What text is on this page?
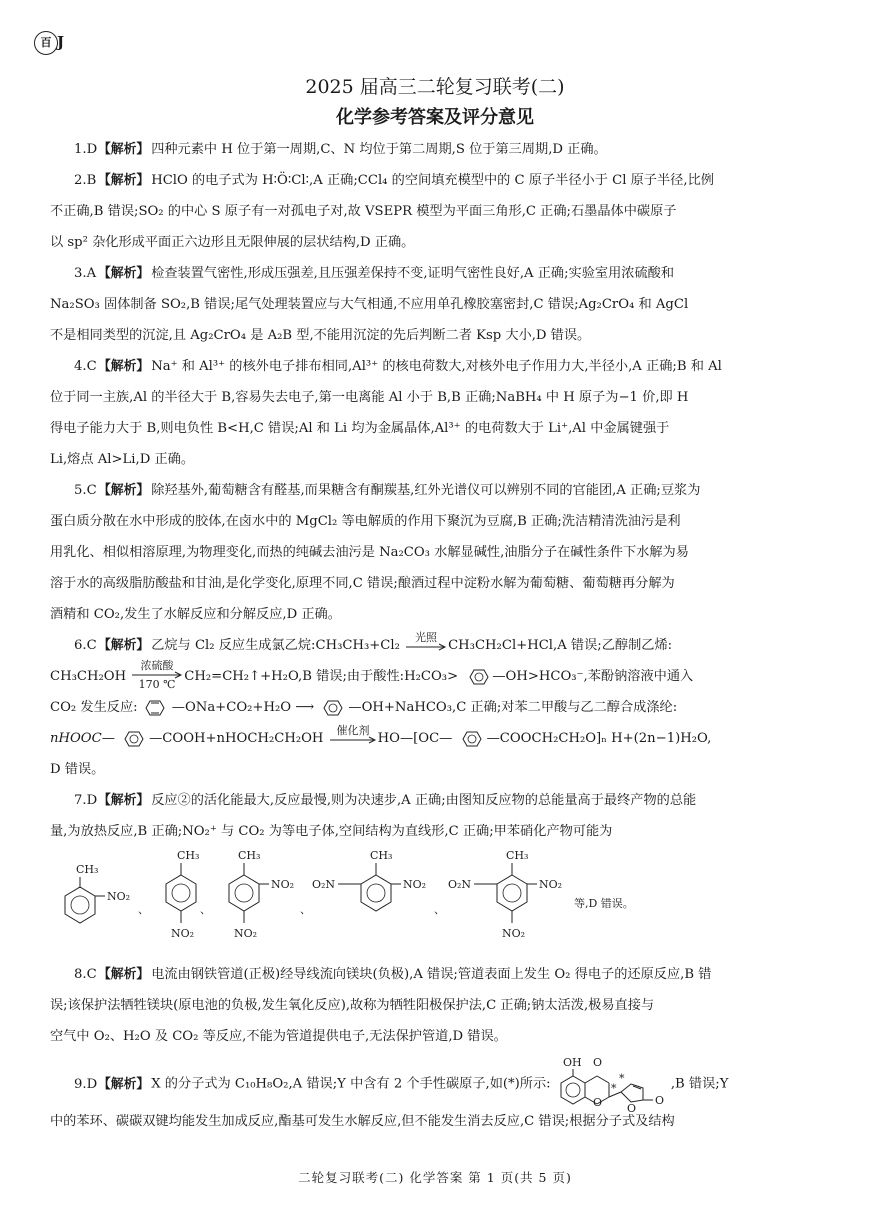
百 J
2025 届高三二轮复习联考(二)
化学参考答案及评分意见
1.D【解析】 四种元素中 H 位于第一周期,C、N 均位于第二周期,S 位于第三周期,D 正确。
2.B 【解析】 HClO 的电子式为 H∶Ö∶Cl∶,A 正确;CCl₄ 的空间填充模型中的 C 原子半径小于 Cl 原子半径,比例
不正确,B 错误;SO₂ 的中心 S 原子有一对孤电子对,故 VSEPR 模型为平面三角形,C 正确;石墨晶体中碳原子
以 sp² 杂化形成平面正六边形且无限伸展的层状结构,D 正确。
3.A 【解析】 检查装置气密性,形成压强差,且压强差保持不变,证明气密性良好,A 正确;实验室用浓硫酸和
Na₂SO₃ 固体制备 SO₂,B 错误;尾气处理装置应与大气相通,不应用单孔橡胶塞密封,C 错误;Ag₂CrO₄ 和 AgCl
不是相同类型的沉淀,且 Ag₂CrO₄ 是 A₂B 型,不能用沉淀的先后判断二者 Ksp 大小,D 错误。
4.C【解析】 Na⁺ 和 Al³⁺ 的核外电子排布相同,Al³⁺ 的核电荷数大,对核外电子作用力大,半径小,A 正确;B 和 Al
位于同一主族,Al 的半径大于 B,容易失去电子,第一电离能 Al 小于 B,B 正确;NaBH₄ 中 H 原子为−1 价,即 H
得电子能力大于 B,则电负性 B<H,C 错误;Al 和 Li 均为金属晶体,Al³⁺ 的电荷数大于 Li⁺,Al 中金属键强于
Li,熔点 Al>Li,D 正确。
5.C【解析】 除羟基外,葡萄糖含有醛基,而果糖含有酮羰基,红外光谱仪可以辨别不同的官能团,A 正确;豆浆为
蛋白质分散在水中形成的胶体,在卤水中的 MgCl₂ 等电解质的作用下聚沉为豆腐,B 正确;洗洁精清洗油污是利
用乳化、相似相溶原理,为物理变化,而热的纯碱去油污是 Na₂CO₃ 水解显碱性,油脂分子在碱性条件下水解为易
溶于水的高级脂肪酸盐和甘油,是化学变化,原理不同,C 错误;酿酒过程中淀粉水解为葡萄糖、葡萄糖再分解为
酒精和 CO₂,发生了水解反应和分解反应,D 正确。
6.C【解析】 乙烷与 Cl₂ 反应生成氯乙烷:CH₃CH₃+Cl₂
光照
CH₃CH₂Cl+HCl,A 错误;乙醇制乙烯:
CH₃CH₂OH
浓硫酸
170 ℃ CH₂=CH₂↑+H₂O,B 错误;由于酸性:H₂CO₃>	—OH>HCO₃⁻,苯酚钠溶液中通入
CO₂ 发生反应:	—ONa+CO₂+H₂O ⟶	—OH+NaHCO₃,C 正确;对苯二甲酸与乙二醇合成涤纶:
nHOOC—	—COOH+nHOCH₂CH₂OH
催化剂
HO—[OC—	—COOCH₂CH₂O]ₙ H+(2n−1)H₂O,
D 错误。
7.D【解析】 反应②的活化能最大,反应最慢,则为决速步,A 正确;由图知反应物的总能量高于最终产物的总能
量,为放热反应,B 正确;NO₂⁺ 与 CO₂ 为等电子体,空间结构为直线形,C 正确;甲苯硝化产物可能为
CH₃
NO₂
、
CH₃
NO₂
、
CH₃
NO₂
NO₂
、
O₂N
CH₃
NO₂
、
O₂N
CH₃
NO₂
NO₂
等,D 错误。
8.C【解析】 电流由钢铁管道(正极)经导线流向镁块(负极),A 错误;管道表面上发生 O₂ 得电子的还原反应,B 错
误;该保护法牺牲镁块(原电池的负极,发生氧化反应),故称为牺牲阳极保护法,C 正确;钠太活泼,极易直接与
空气中 O₂、H₂O 及 CO₂ 等反应,不能为管道提供电子,无法保护管道,D 错误。
9.D【解析】 X 的分子式为 C₁₀H₈O₂,A 错误;Y 中含有 2 个手性碳原子,如(*)所示:
OH O
O
*
*
O
O
,B 错误;Y
中的苯环、碳碳双键均能发生加成反应,酯基可发生水解反应,但不能发生消去反应,C 错误;根据分子式及结构
二轮复习联考(二) 化学答案 第 1 页(共 5 页)
